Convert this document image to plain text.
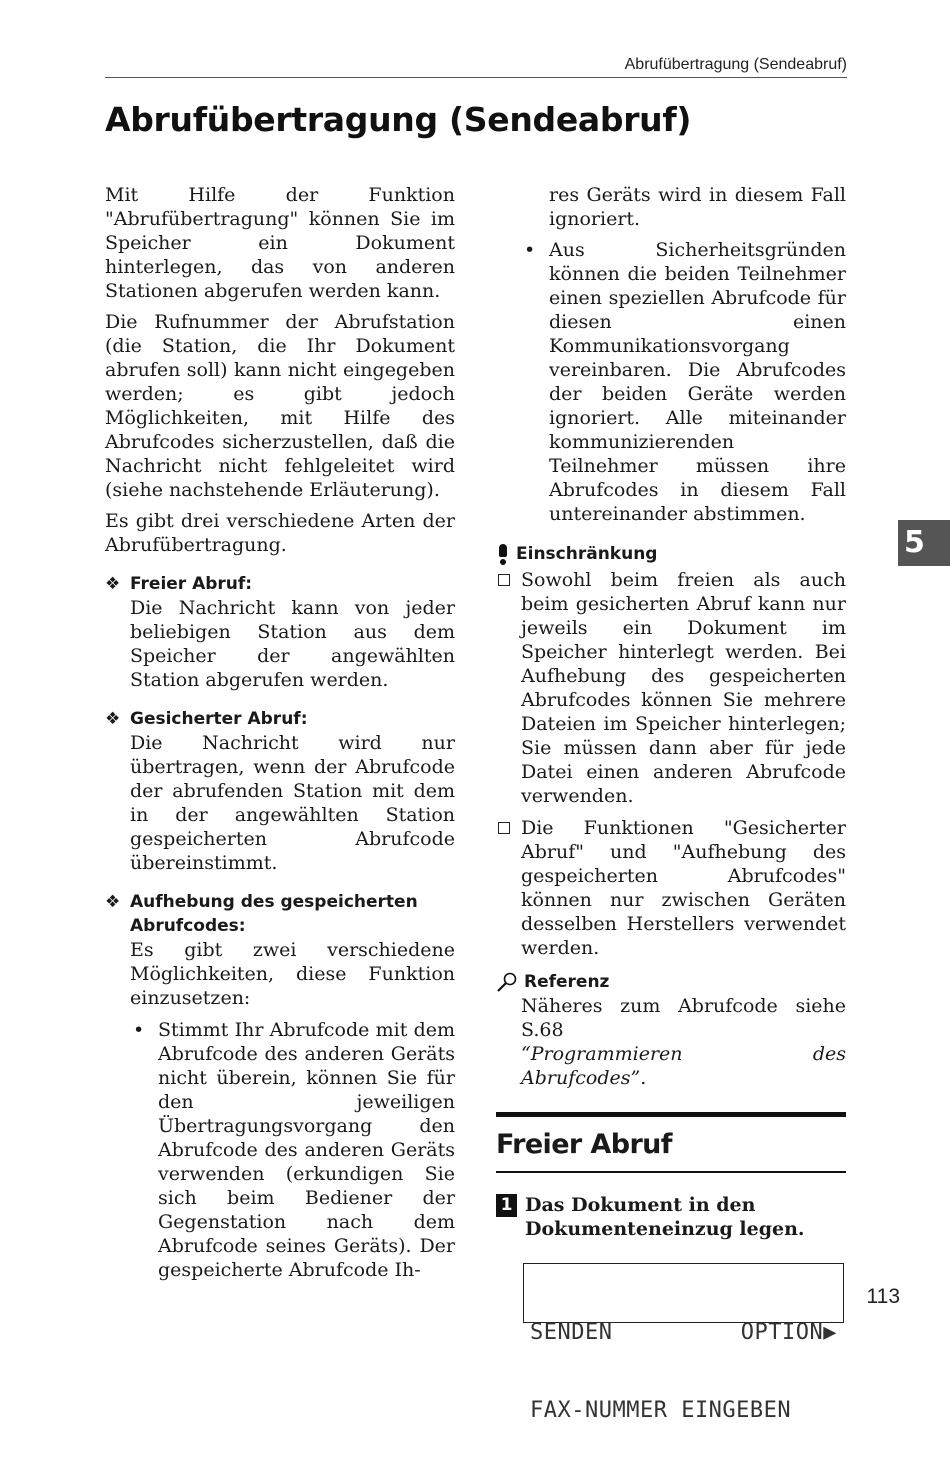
Abrufübertragung (Sendeabruf)
Abrufübertragung (Sendeabruf)

Mit Hilfe der Funktion "Abrufübertragung" können Sie im Speicher ein Dokument hinterlegen, das von anderen Stationen abgerufen werden kann.

Die Rufnummer der Abrufstation (die Station, die Ihr Dokument abrufen soll) kann nicht eingegeben werden; es gibt jedoch Möglichkeiten, mit Hilfe des Abrufcodes sicherzustellen, daß die Nachricht nicht fehlgeleitet wird (siehe nachstehende Erläuterung).

Es gibt drei verschiedene Arten der Abrufübertragung.

❖ Freier Abruf:

Die Nachricht kann von jeder beliebigen Station aus dem Speicher der angewählten Station abgerufen werden.

❖ Gesicherter Abruf:

Die Nachricht wird nur übertragen, wenn der Abrufcode der abrufenden Station mit dem in der angewählten Station gespeicherten Abrufcode übereinstimmt.

❖ Aufhebung des gespeicherten Abrufcodes:

Es gibt zwei verschiedene Möglichkeiten, diese Funktion einzusetzen:

• Stimmt Ihr Abrufcode mit dem Abrufcode des anderen Geräts nicht überein, können Sie für den jeweiligen Übertragungsvorgang den Abrufcode des anderen Geräts verwenden (erkundigen Sie sich beim Bediener der Gegenstation nach dem Abrufcode seines Geräts). Der gespeicherte Abrufcode Ih-

res Geräts wird in diesem Fall ignoriert.

• Aus Sicherheitsgründen können die beiden Teilnehmer einen speziellen Abrufcode für diesen einen Kommunikationsvorgang vereinbaren. Die Abrufcodes der beiden Geräte werden ignoriert. Alle miteinander kommunizierenden Teilnehmer müssen ihre Abrufcodes in diesem Fall untereinander abstimmen.
Einschränkung
Sowohl beim freien als auch beim gesicherten Abruf kann nur jeweils ein Dokument im Speicher hinterlegt werden. Bei Aufhebung des gespeicherten Abrufcodes können Sie mehrere Dateien im Speicher hinterlegen; Sie müssen dann aber für jede Datei einen anderen Abrufcode verwenden.
Die Funktionen "Gesicherter Abruf" und "Aufhebung des gespeicherten Abrufcodes" können nur zwischen Geräten desselben Herstellers verwendet werden.
Referenz

Näheres zum Abrufcode siehe S.68
“Programmieren des Abrufcodes”.

Freier Abruf
1 Das Dokument in den Dokumenteneinzug legen.

SENDEN	OPTION▶

FAX-NUMMER EINGEBEN

5
113
